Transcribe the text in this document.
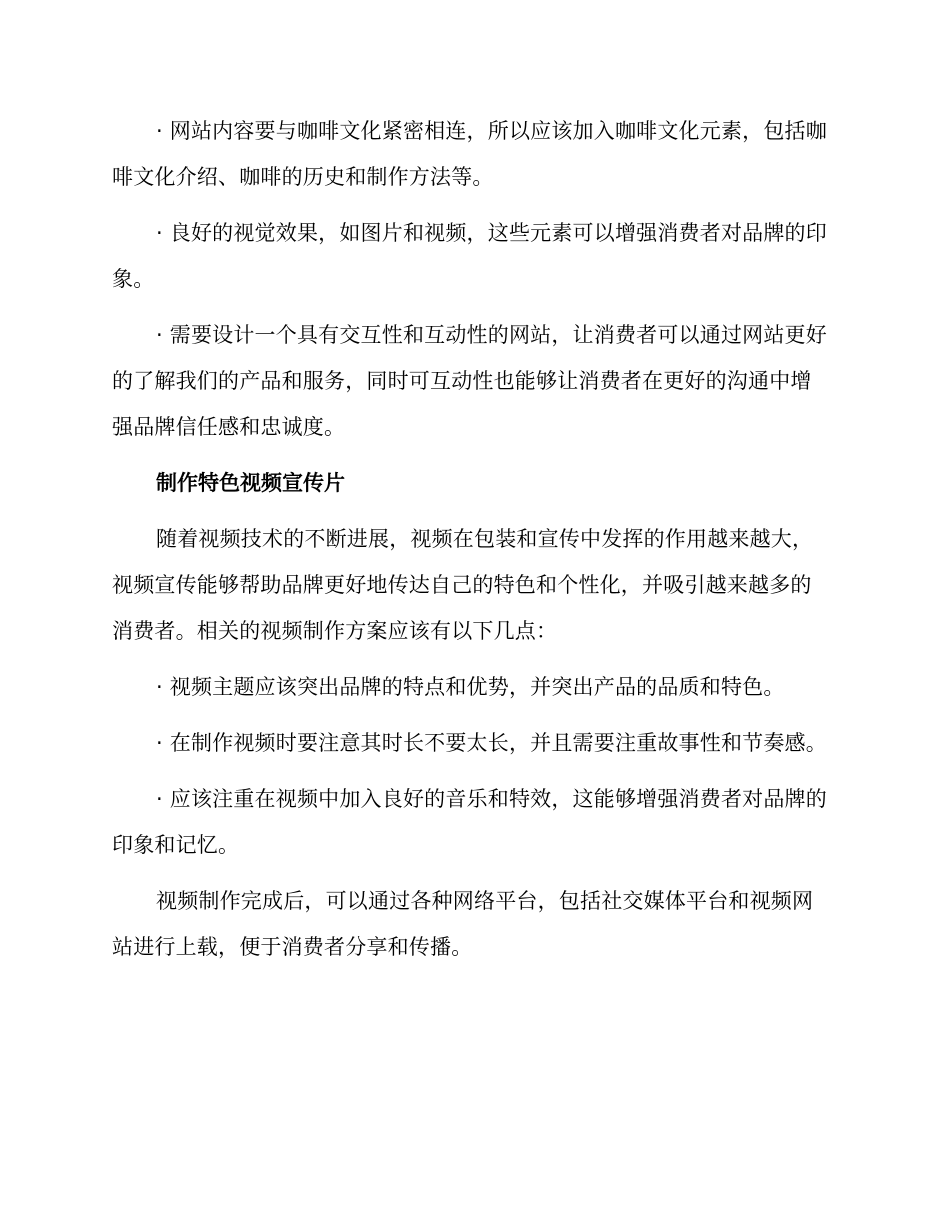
· 网站内容要与咖啡文化紧密相连，所以应该加入咖啡文化元素，包括咖啡文化介绍、咖啡的历史和制作方法等。

· 良好的视觉效果，如图片和视频，这些元素可以增强消费者对品牌的印象。

· 需要设计一个具有交互性和互动性的网站，让消费者可以通过网站更好的了解我们的产品和服务，同时可互动性也能够让消费者在更好的沟通中增强品牌信任感和忠诚度。

制作特色视频宣传片

随着视频技术的不断进展，视频在包装和宣传中发挥的作用越来越大，视频宣传能够帮助品牌更好地传达自己的特色和个性化，并吸引越来越多的消费者。相关的视频制作方案应该有以下几点：

· 视频主题应该突出品牌的特点和优势，并突出产品的品质和特色。

· 在制作视频时要注意其时长不要太长，并且需要注重故事性和节奏感。

· 应该注重在视频中加入良好的音乐和特效，这能够增强消费者对品牌的印象和记忆。

视频制作完成后，可以通过各种网络平台，包括社交媒体平台和视频网站进行上载，便于消费者分享和传播。
